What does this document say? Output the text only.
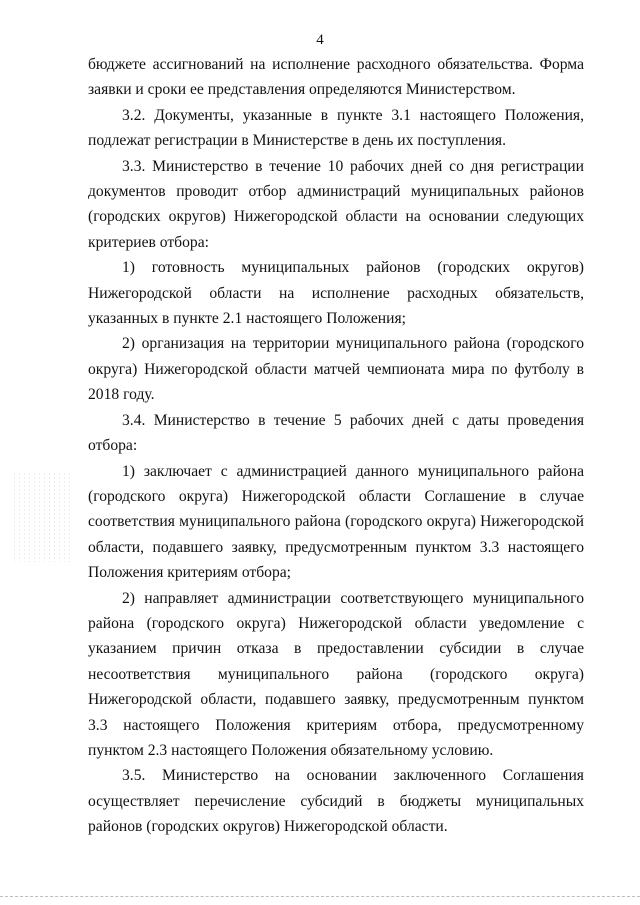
4

бюджете ассигнований на исполнение расходного обязательства. Форма заявки и сроки ее представления определяются Министерством.

3.2. Документы, указанные в пункте 3.1 настоящего Положения, подлежат регистрации в Министерстве в день их поступления.

3.3. Министерство в течение 10 рабочих дней со дня регистрации документов проводит отбор администраций муниципальных районов (городских округов) Нижегородской области на основании следующих критериев отбора:

1) готовность муниципальных районов (городских округов) Нижегородской области на исполнение расходных обязательств, указанных в пункте 2.1 настоящего Положения;

2) организация на территории муниципального района (городского округа) Нижегородской области матчей чемпионата мира по футболу в 2018 году.

3.4. Министерство в течение 5 рабочих дней с даты проведения отбора:

1) заключает с администрацией данного муниципального района (городского округа) Нижегородской области Соглашение в случае соответствия муниципального района (городского округа) Нижегородской области, подавшего заявку, предусмотренным пунктом 3.3 настоящего Положения критериям отбора;

2) направляет администрации соответствующего муниципального района (городского округа) Нижегородской области уведомление с указанием причин отказа в предоставлении субсидии в случае несоответствия муниципального района (городского округа) Нижегородской области, подавшего заявку, предусмотренным пунктом 3.3 настоящего Положения критериям отбора, предусмотренному пунктом 2.3 настоящего Положения обязательному условию.

3.5. Министерство на основании заключенного Соглашения осуществляет перечисление субсидий в бюджеты муниципальных районов (городских округов) Нижегородской области.
